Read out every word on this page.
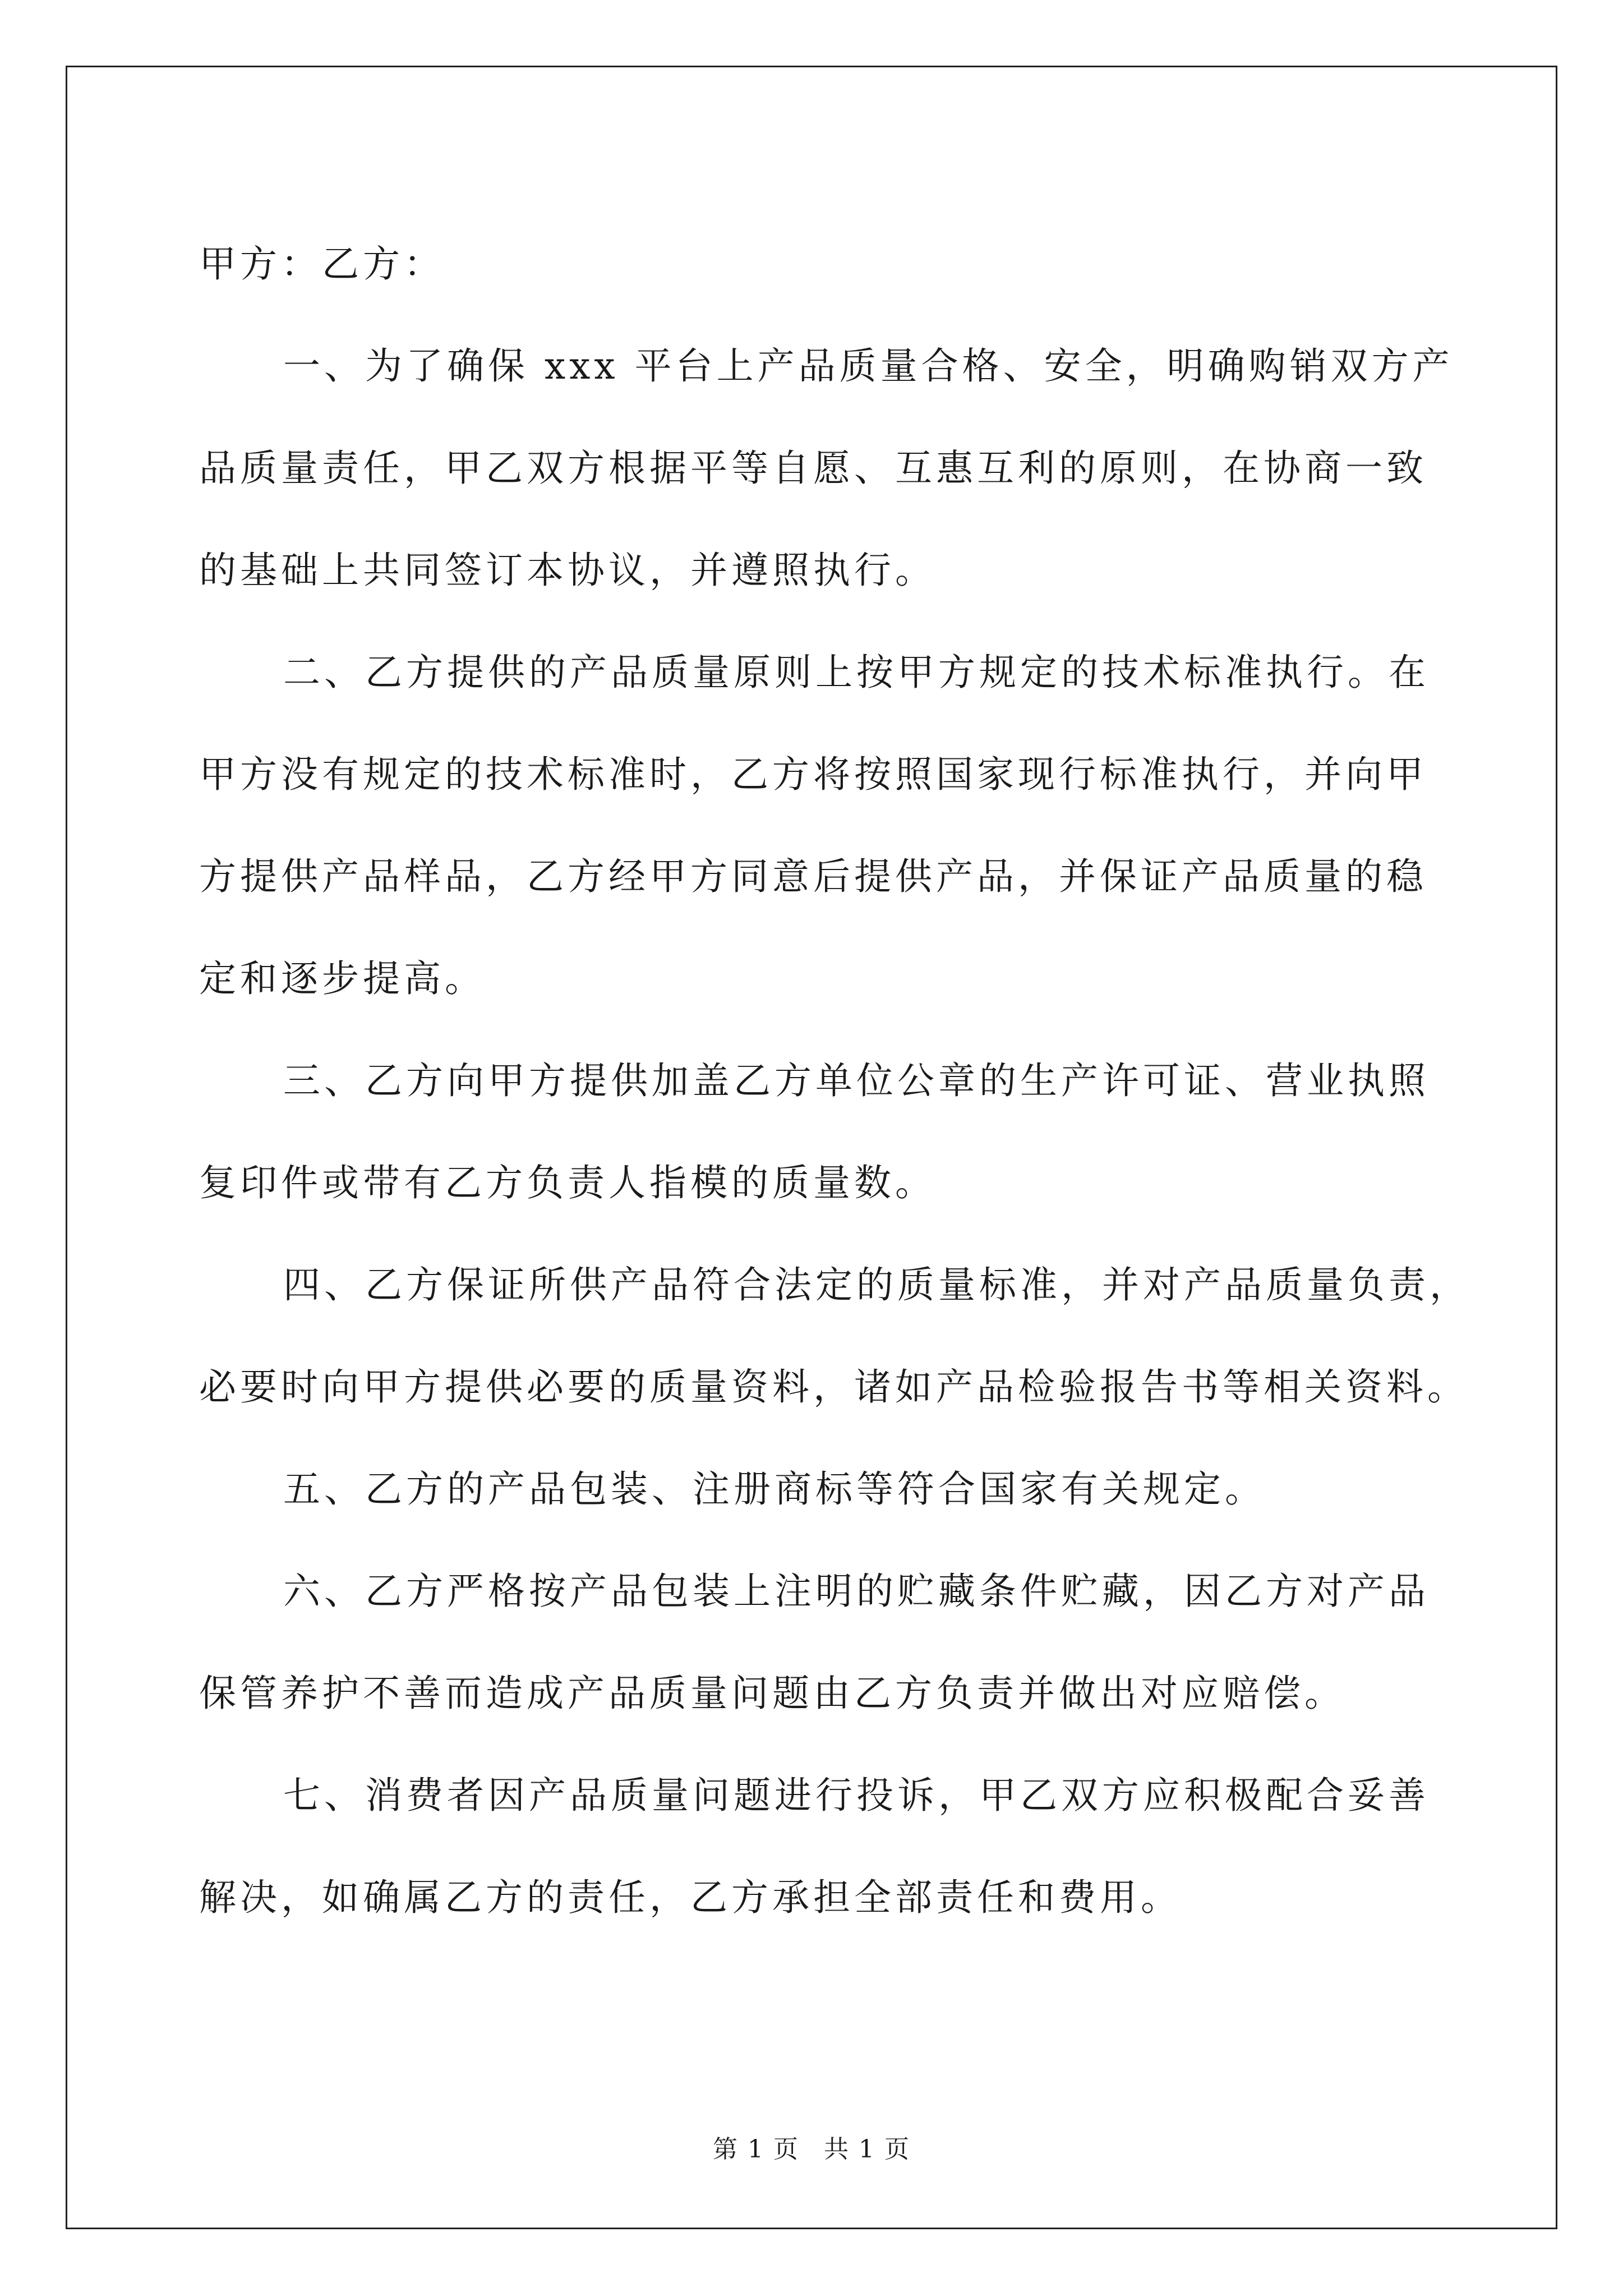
甲方：乙方：
一、为了确保 xxx 平台上产品质量合格、安全，明确购销双方产
品质量责任，甲乙双方根据平等自愿、互惠互利的原则，在协商一致
的基础上共同签订本协议，并遵照执行。
二、乙方提供的产品质量原则上按甲方规定的技术标准执行。在
甲方没有规定的技术标准时，乙方将按照国家现行标准执行，并向甲
方提供产品样品，乙方经甲方同意后提供产品，并保证产品质量的稳
定和逐步提高。
三、乙方向甲方提供加盖乙方单位公章的生产许可证、营业执照
复印件或带有乙方负责人指模的质量数。
四、乙方保证所供产品符合法定的质量标准，并对产品质量负责，
必要时向甲方提供必要的质量资料，诸如产品检验报告书等相关资料。
五、乙方的产品包装、注册商标等符合国家有关规定。
六、乙方严格按产品包装上注明的贮藏条件贮藏，因乙方对产品
保管养护不善而造成产品质量问题由乙方负责并做出对应赔偿。
七、消费者因产品质量问题进行投诉，甲乙双方应积极配合妥善
解决，如确属乙方的责任，乙方承担全部责任和费用。
第 1 页 共 1 页
